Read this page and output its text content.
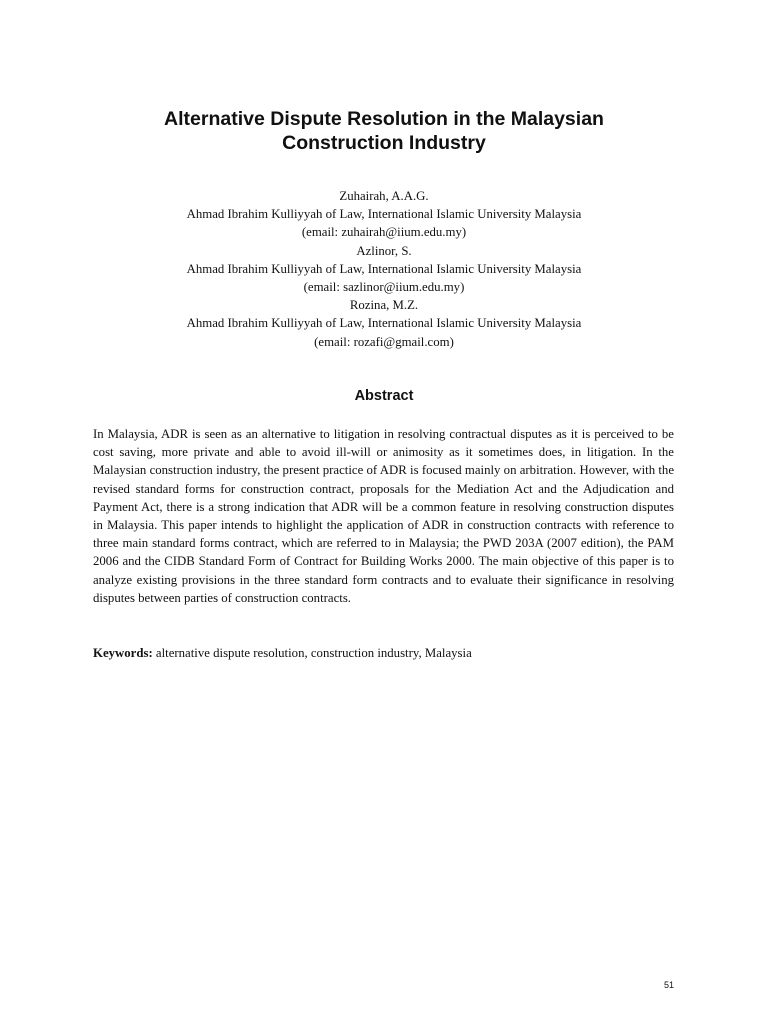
Alternative Dispute Resolution in the Malaysian
Construction Industry
Zuhairah, A.A.G.
Ahmad Ibrahim Kulliyyah of Law, International Islamic University Malaysia
(email: zuhairah@iium.edu.my)
Azlinor, S.
Ahmad Ibrahim Kulliyyah of Law, International Islamic University Malaysia
(email: sazlinor@iium.edu.my)
Rozina, M.Z.
Ahmad Ibrahim Kulliyyah of Law, International Islamic University Malaysia
(email: rozafi@gmail.com)
Abstract
In Malaysia, ADR is seen as an alternative to litigation in resolving contractual disputes as it is perceived to be cost saving, more private and able to avoid ill-will or animosity as it sometimes does, in litigation. In the Malaysian construction industry, the present practice of ADR is focused mainly on arbitration. However, with the revised standard forms for construction contract, proposals for the Mediation Act and the Adjudication and Payment Act, there is a strong indication that ADR will be a common feature in resolving construction disputes in Malaysia. This paper intends to highlight the application of ADR in construction contracts with reference to three main standard forms contract, which are referred to in Malaysia; the PWD 203A (2007 edition), the PAM 2006 and the CIDB Standard Form of Contract for Building Works 2000. The main objective of this paper is to analyze existing provisions in the three standard form contracts and to evaluate their significance in resolving disputes between parties of construction contracts.
Keywords: alternative dispute resolution, construction industry, Malaysia
51
